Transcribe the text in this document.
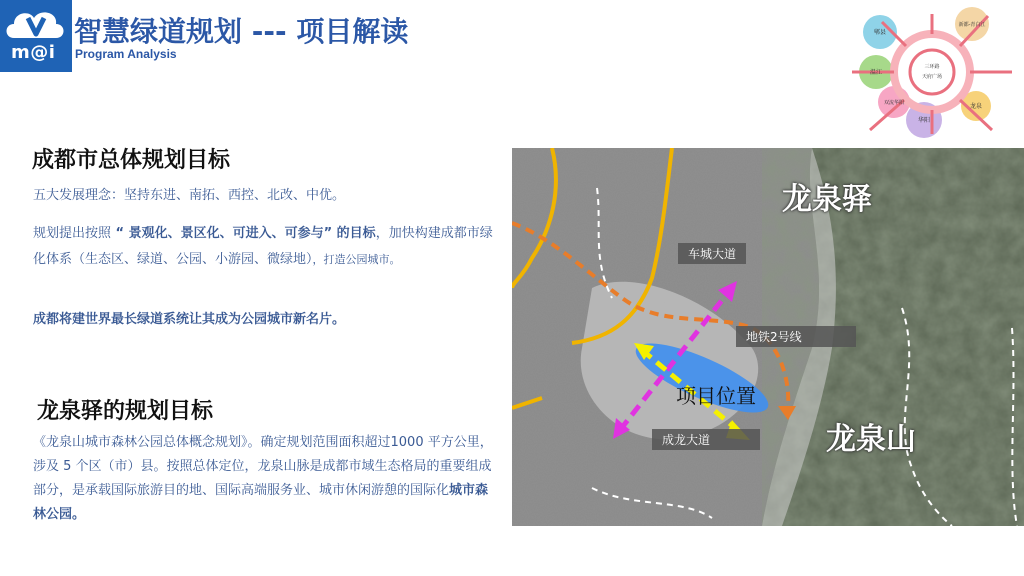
m@i
智慧绿道规划 --- 项目解读
Program Analysis
三环路
天府广场
郫县
新都-青白江
温江
双流华阳
华阳
龙泉
成都市总体规划目标
五大发展理念：坚持东进、南拓、西控、北改、中优。
规划提出按照 “ 景观化、景区化、可进入、可参与” 的目标，加快构建成都市绿化体系（生态区、绿道、公园、小游园、微绿地），打造公园城市。
成都将建世界最长绿道系统让其成为公园城市新名片。
龙泉驿的规划目标
《龙泉山城市森林公园总体概念规划》。确定规划范围面积超过1000 平方公里，涉及 5 个区（市）县。按照总体定位，龙泉山脉是成都市域生态格局的重要组成部分，是承载国际旅游目的地、国际高端服务业、城市休闲游憩的国际化城市森林公园。
龙泉驿
龙泉山
车城大道
地铁2号线
成龙大道
项目位置
